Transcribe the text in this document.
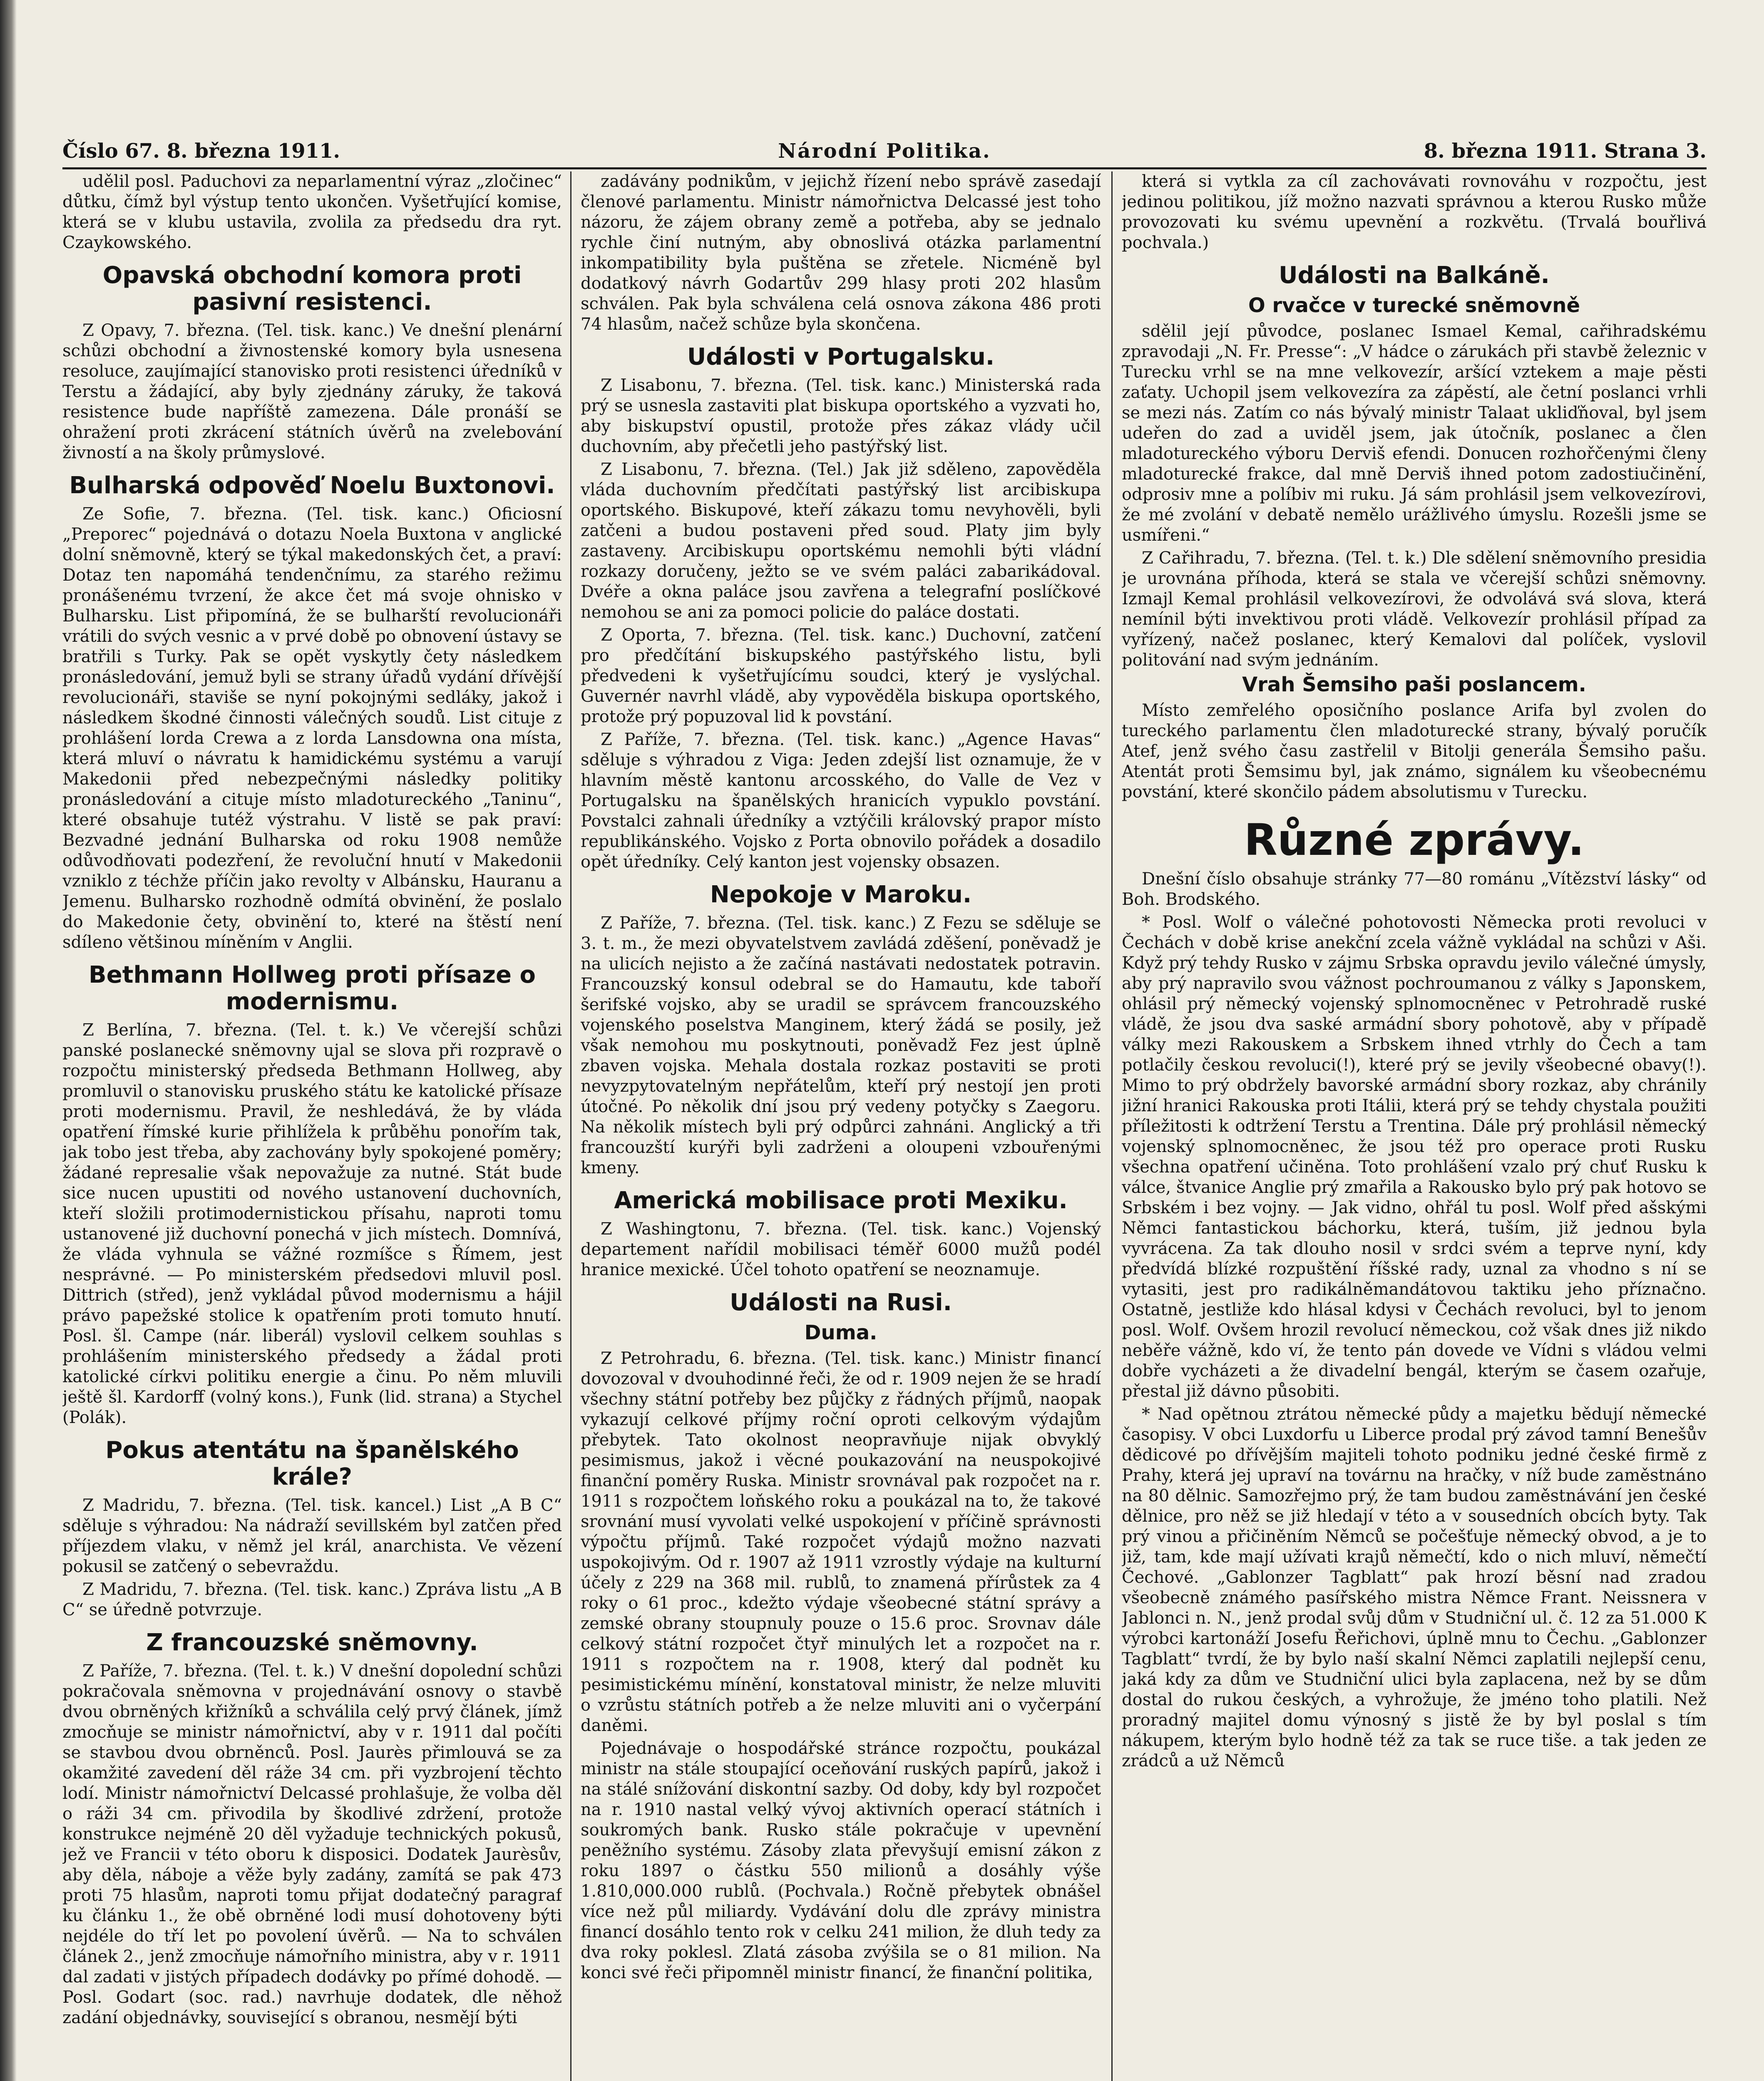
Číslo 67. 8. března 1911.	Národní Politika.	8. března 1911. Strana 3.

udělil posl. Paduchovi za neparlamentní výraz „zločinec“ důtku, čímž byl výstup tento ukončen. Vyšetřující komise, která se v klubu ustavila, zvolila za předsedu dra ryt. Czaykowského.

Opavská obchodní komora proti pasivní resistenci.

Z Opavy, 7. března. (Tel. tisk. kanc.) Ve dnešní plenární schůzi obchodní a živnostenské komory byla usnesena resoluce, zaujímající stanovisko proti resistenci úředníků v Terstu a žádající, aby byly zjednány záruky, že taková resistence bude napříště zamezena. Dále pronáší se ohražení proti zkrácení státních úvěrů na zvelebování živností a na školy průmyslové.

Bulharská odpověď Noelu Buxtonovi.

Ze Sofie, 7. března. (Tel. tisk. kanc.) Oficiosní „Preporec“ pojednává o dotazu Noela Buxtona v anglické dolní sněmovně, který se týkal makedonských čet, a praví: Dotaz ten napomáhá tendenčnímu, za starého režimu pronášenému tvrzení, že akce čet má svoje ohnisko v Bulharsku. List připomíná, že se bulharští revolucionáři vrátili do svých vesnic a v prvé době po obnovení ústavy se bratřili s Turky. Pak se opět vyskytly čety následkem pronásledování, jemuž byli se strany úřadů vydání dřívější revolucionáři, staviše se nyní pokojnými sedláky, jakož i následkem škodné činnosti válečných soudů. List cituje z prohlášení lorda Crewa a z lorda Lansdowna ona místa, která mluví o návratu k hamidickému systému a varují Makedonii před nebezpečnými následky politiky pronásledování a cituje místo mladotureckého „Taninu“, které obsahuje tutéž výstrahu. V listě se pak praví: Bezvadné jednání Bulharska od roku 1908 nemůže odůvodňovati podezření, že revoluční hnutí v Makedonii vzniklo z téchže příčin jako revolty v Albánsku, Hauranu a Jemenu. Bulharsko rozhodně odmítá obvinění, že poslalo do Makedonie čety, obvinění to, které na štěstí není sdíleno většinou míněním v Anglii.

Bethmann Hollweg proti přísaze o modernismu.

Z Berlína, 7. března. (Tel. t. k.) Ve včerejší schůzi panské poslanecké sněmovny ujal se slova při rozpravě o rozpočtu ministerský předseda Bethmann Hollweg, aby promluvil o stanovisku pruského státu ke katolické přísaze proti modernismu. Pravil, že neshledává, že by vláda opatření římské kurie přihlížela k průběhu ponořím tak, jak tobo jest třeba, aby zachovány byly spokojené poměry; žádané represalie však nepovažuje za nutné. Stát bude sice nucen upustiti od nového ustanovení duchovních, kteří složili protimodernistickou přísahu, naproti tomu ustanovené již duchovní ponechá v jich místech. Domnívá, že vláda vyhnula se vážné rozmíšce s Římem, jest nesprávné. — Po ministerském předsedovi mluvil posl. Dittrich (střed), jenž vykládal původ modernismu a hájil právo papežské stolice k opatřením proti tomuto hnutí. Posl. šl. Campe (nár. liberál) vyslovil celkem souhlas s prohlášením ministerského předsedy a žádal proti katolické církvi politiku energie a činu. Po něm mluvili ještě šl. Kardorff (volný kons.), Funk (lid. strana) a Stychel (Polák).

Pokus atentátu na španělského krále?

Z Madridu, 7. března. (Tel. tisk. kancel.) List „A B C“ sděluje s výhradou: Na nádraží sevillském byl zatčen před příjezdem vlaku, v němž jel král, anarchista. Ve vězení pokusil se zatčený o sebevraždu.

Z Madridu, 7. března. (Tel. tisk. kanc.) Zpráva listu „A B C“ se úředně potvrzuje.

Z francouzské sněmovny.

Z Paříže, 7. března. (Tel. t. k.) V dnešní dopolední schůzi pokračovala sněmovna v projednávání osnovy o stavbě dvou obrněných křižníků a schválila celý prvý článek, jímž zmocňuje se ministr námořnictví, aby v r. 1911 dal počíti se stavbou dvou obrněnců. Posl. Jaurès přimlouvá se za okamžité zavedení děl ráže 34 cm. při vyzbrojení těchto lodí. Ministr námořnictví Delcassé prohlašuje, že volba děl o ráži 34 cm. přivodila by škodlivé zdržení, protože konstrukce nejméně 20 děl vyžaduje technických pokusů, jež ve Francii v této oboru k disposici. Dodatek Jaurèsův, aby děla, náboje a věže byly zadány, zamítá se pak 473 proti 75 hlasům, naproti tomu přijat dodatečný paragraf ku článku 1., že obě obrněné lodi musí dohotoveny býti nejdéle do tří let po povolení úvěrů. — Na to schválen článek 2., jenž zmocňuje námořního ministra, aby v r. 1911 dal zadati v jistých případech dodávky po přímé dohodě. — Posl. Godart (soc. rad.) navrhuje dodatek, dle něhož zadání objednávky, související s obranou, nesmějí býti

zadávány podnikům, v jejichž řízení nebo správě zasedají členové parlamentu. Ministr námořnictva Delcassé jest toho názoru, že zájem obrany země a potřeba, aby se jednalo rychle činí nutným, aby obnoslivá otázka parlamentní inkompatibility byla puštěna se zřetele. Nicméně byl dodatkový návrh Godartův 299 hlasy proti 202 hlasům schválen. Pak byla schválena celá osnova zákona 486 proti 74 hlasům, načež schůze byla skončena.

Události v Portugalsku.

Z Lisabonu, 7. března. (Tel. tisk. kanc.) Ministerská rada prý se usnesla zastaviti plat biskupa oportského a vyzvati ho, aby biskupství opustil, protože přes zákaz vlády učil duchovním, aby přečetli jeho pastýřský list.

Z Lisabonu, 7. března. (Tel.) Jak již sděleno, zapověděla vláda duchovním předčítati pastýřský list arcibiskupa oportského. Biskupové, kteří zákazu tomu nevyhověli, byli zatčeni a budou postaveni před soud. Platy jim byly zastaveny. Arcibiskupu oportskému nemohli býti vládní rozkazy doručeny, ježto se ve svém paláci zabarikádoval. Dvéře a okna paláce jsou zavřena a telegrafní poslíčkové nemohou se ani za pomoci policie do paláce dostati.

Z Oporta, 7. března. (Tel. tisk. kanc.) Duchovní, zatčení pro předčítání biskupského pastýřského listu, byli předvedeni k vyšetřujícímu soudci, který je vyslýchal. Guvernér navrhl vládě, aby vypověděla biskupa oportského, protože prý popuzoval lid k povstání.

Z Paříže, 7. března. (Tel. tisk. kanc.) „Agence Havas“ sděluje s výhradou z Viga: Jeden zdejší list oznamuje, že v hlavním městě kantonu arcosského, do Valle de Vez v Portugalsku na španělských hranicích vypuklo povstání. Povstalci zahnali úředníky a vztýčili královský prapor místo republikánského. Vojsko z Porta obnovilo pořádek a dosadilo opět úředníky. Celý kanton jest vojensky obsazen.

Nepokoje v Maroku.

Z Paříže, 7. března. (Tel. tisk. kanc.) Z Fezu se sděluje se 3. t. m., že mezi obyvatelstvem zavládá zděšení, poněvadž je na ulicích nejisto a že začíná nastávati nedostatek potravin. Francouzský konsul odebral se do Hamautu, kde taboří šerifské vojsko, aby se uradil se správcem francouzského vojenského poselstva Manginem, který žádá se posily, jež však nemohou mu poskytnouti, poněvadž Fez jest úplně zbaven vojska. Mehala dostala rozkaz postaviti se proti nevyzpytovatelným nepřátelům, kteří prý nestojí jen proti útočné. Po několik dní jsou prý vedeny potyčky s Zaegoru. Na několik místech byli prý odpůrci zahnáni. Anglický a tři francouzští kurýři byli zadrženi a oloupeni vzbouřenými kmeny.

Americká mobilisace proti Mexiku.

Z Washingtonu, 7. března. (Tel. tisk. kanc.) Vojenský departement nařídil mobilisaci téměř 6000 mužů podél hranice mexické. Účel tohoto opatření se neoznamuje.

Události na Rusi.
Duma.

Z Petrohradu, 6. března. (Tel. tisk. kanc.) Ministr financí dovozoval v dvouhodinné řeči, že od r. 1909 nejen že se hradí všechny státní potřeby bez půjčky z řádných příjmů, naopak vykazují celkové příjmy roční oproti celkovým výdajům přebytek. Tato okolnost neopravňuje nijak obvyklý pesimismus, jakož i věcné poukazování na neuspokojivé finanční poměry Ruska. Ministr srovnával pak rozpočet na r. 1911 s rozpočtem loňského roku a poukázal na to, že takové srovnání musí vyvolati velké uspokojení v příčině správnosti výpočtu příjmů. Také rozpočet výdajů možno nazvati uspokojivým. Od r. 1907 až 1911 vzrostly výdaje na kulturní účely z 229 na 368 mil. rublů, to znamená přírůstek za 4 roky o 61 proc., kdežto výdaje všeobecné státní správy a zemské obrany stoupnuly pouze o 15.6 proc. Srovnav dále celkový státní rozpočet čtyř minulých let a rozpočet na r. 1911 s rozpočtem na r. 1908, který dal podnět ku pesimistickému mínění, konstatoval ministr, že nelze mluviti o vzrůstu státních potřeb a že nelze mluviti ani o vyčerpání daněmi.

Pojednávaje o hospodářské stránce rozpočtu, poukázal ministr na stále stoupající oceňování ruských papírů, jakož i na stálé snížování diskontní sazby. Od doby, kdy byl rozpočet na r. 1910 nastal velký vývoj aktivních operací státních i soukromých bank. Rusko stále pokračuje v upevnění peněžního systému. Zásoby zlata převyšují emisní zákon z roku 1897 o částku 550 milionů a dosáhly výše 1.810,000.000 rublů. (Pochvala.) Ročně přebytek obnášel více než půl miliardy. Vydávání dolu dle zprávy ministra financí dosáhlo tento rok v celku 241 milion, že dluh tedy za dva roky poklesl. Zlatá zásoba zvýšila se o 81 milion. Na konci své řeči připomněl ministr financí, že finanční politika,

která si vytkla za cíl zachovávati rovnováhu v rozpočtu, jest jedinou politikou, jíž možno nazvati správnou a kterou Rusko může provozovati ku svému upevnění a rozkvětu. (Trvalá bouřlivá pochvala.)

Události na Balkáně.
O rvačce v turecké sněmovně

sdělil její původce, poslanec Ismael Kemal, cařihradskému zpravodaji „N. Fr. Presse“: „V hádce o zárukách při stavbě železnic v Turecku vrhl se na mne velkovezír, aršící vztekem a maje pěsti zaťaty. Uchopil jsem velkovezíra za zápěstí, ale četní poslanci vrhli se mezi nás. Zatím co nás bývalý ministr Talaat ukliďňoval, byl jsem udeřen do zad a uviděl jsem, jak útočník, poslanec a člen mladotureckého výboru Derviš efendi. Donucen rozhořčenými členy mladoturecké frakce, dal mně Derviš ihned potom zadostiučinění, odprosiv mne a políbiv mi ruku. Já sám prohlásil jsem velkovezírovi, že mé zvolání v debatě nemělo urážlivého úmyslu. Rozešli jsme se usmířeni.“

Z Cařihradu, 7. března. (Tel. t. k.) Dle sdělení sněmovního presidia je urovnána příhoda, která se stala ve včerejší schůzi sněmovny. Izmajl Kemal prohlásil velkovezírovi, že odvolává svá slova, která nemínil býti invektivou proti vládě. Velkovezír prohlásil případ za vyřízený, načež poslanec, který Kemalovi dal políček, vyslovil politování nad svým jednáním.

Vrah Šemsiho paši poslancem.

Místo zemřelého oposičního poslance Arifa byl zvolen do tureckého parlamentu člen mladoturecké strany, bývalý poručík Atef, jenž svého času zastřelil v Bitolji generála Šemsiho pašu. Atentát proti Šemsimu byl, jak známo, signálem ku všeobecnému povstání, které skončilo pádem absolutismu v Turecku.

Různé zprávy.

Dnešní číslo obsahuje stránky 77—80 románu „Vítězství lásky“ od Boh. Brodského.

* Posl. Wolf o válečné pohotovosti Německa proti revoluci v Čechách v době krise anekční zcela vážně vykládal na schůzi v Aši. Když prý tehdy Rusko v zájmu Srbska opravdu jevilo válečné úmysly, aby prý napravilo svou vážnost pochroumanou z války s Japonskem, ohlásil prý německý vojenský splnomocněnec v Petrohradě ruské vládě, že jsou dva saské armádní sbory pohotově, aby v případě války mezi Rakouskem a Srbskem ihned vtrhly do Čech a tam potlačily českou revoluci(!), které prý se jevily všeobecné obavy(!). Mimo to prý obdržely bavorské armádní sbory rozkaz, aby chránily jižní hranici Rakouska proti Itálii, která prý se tehdy chystala použiti příležitosti k odtržení Terstu a Trentina. Dále prý prohlásil německý vojenský splnomocněnec, že jsou též pro operace proti Rusku všechna opatření učiněna. Toto prohlášení vzalo prý chuť Rusku k válce, štvanice Anglie prý zmařila a Rakousko bylo prý pak hotovo se Srbském i bez vojny. — Jak vidno, ohřál tu posl. Wolf před ašskými Němci fantastickou báchorku, která, tuším, již jednou byla vyvrácena. Za tak dlouho nosil v srdci svém a teprve nyní, kdy předvídá blízké rozpuštění říšské rady, uznal za vhodno s ní se vytasiti, jest pro radikálněmandátovou taktiku jeho příznačno. Ostatně, jestliže kdo hlásal kdysi v Čechách revoluci, byl to jenom posl. Wolf. Ovšem hrozil revolucí německou, což však dnes již nikdo neběře vážně, kdo ví, že tento pán dovede ve Vídni s vládou velmi dobře vycházeti a že divadelní bengál, kterým se časem ozařuje, přestal již dávno působiti.

* Nad opětnou ztrátou německé půdy a majetku bědují německé časopisy. V obci Luxdorfu u Liberce prodal prý závod tamní Benešův dědicové po dřívějším majiteli tohoto podniku jedné české firmě z Prahy, která jej upraví na továrnu na hračky, v níž bude zaměstnáno na 80 dělnic. Samozřejmo prý, že tam budou zaměstnávání jen české dělnice, pro něž se již hledají v této a v sousedních obcích byty. Tak prý vinou a přičiněním Němců se počešťuje německý obvod, a je to již, tam, kde mají užívati krajů němečtí, kdo o nich mluví, němečtí Čechové. „Gablonzer Tagblatt“ pak hrozí běsní nad zradou všeobecně známého pasířského mistra Němce Frant. Neissnera v Jablonci n. N., jenž prodal svůj dům v Studniční ul. č. 12 za 51.000 K výrobci kartonáží Josefu Řeřichovi, úplně mnu to Čechu. „Gablonzer Tagblatt“ tvrdí, že by bylo naší skalní Němci zaplatili nejlepší cenu, jaká kdy za dům ve Studniční ulici byla zaplacena, než by se dům dostal do rukou českých, a vyhrožuje, že jméno toho platili. Než proradný majitel domu výnosný s jistě že by byl poslal s tím nákupem, kterým bylo hodně též za tak se ruce tiše. a tak jeden ze zrádců a už Němců
